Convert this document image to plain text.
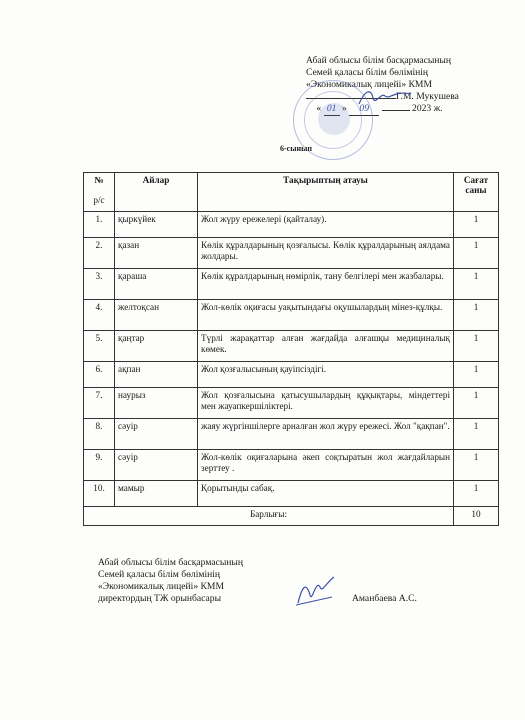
Абай облысы білім басқармасының
Семей қаласы білім бөлімінің
«Экономикалық лицейі» КММ
Г.М. Мукушева
« 01 » 09	2023 ж.
6-сынып
№
р/с	Айлар	Тақырыптың атауы	Сағат саны
1.	қыркүйек	Жол жүру ережелері (қайталау).	1
2.	қазан	Көлік құралдарының қозғалысы. Көлік құралдарының аялдама жолдары.	1
3.	қараша	Көлік құралдарының нөмірлік, тану белгілері мен жазбалары.	1
4.	желтоқсан	Жол-көлік оқиғасы уақытындағы оқушылардың мінез-құлқы.	1
5.	қаңтар	Түрлі жарақаттар алған жағдайда алғашқы медициналық көмек.	1
6.	ақпан	Жол қозғалысының қауіпсіздігі.	1
7.	наурыз	Жол қозғалысына қатысушылардың құқықтары, міндеттері мен жауапкершіліктері.	1
8.	сәуір	жаяу жүргіншілерге арналған жол жүру ережесі. Жол "қақпан".	1
9.	сәуір	Жол-көлік оқиғаларына әкеп соқтыратын жол жағдайларын зерттеу .	1
10.	мамыр	Қорытынды сабақ.	1
Барлығы:			10
Абай облысы білім басқармасының
Семей қаласы білім бөлімінің
«Экономикалық лицейі» КММ
директордың ТЖ орынбасары	Аманбаева А.С.
